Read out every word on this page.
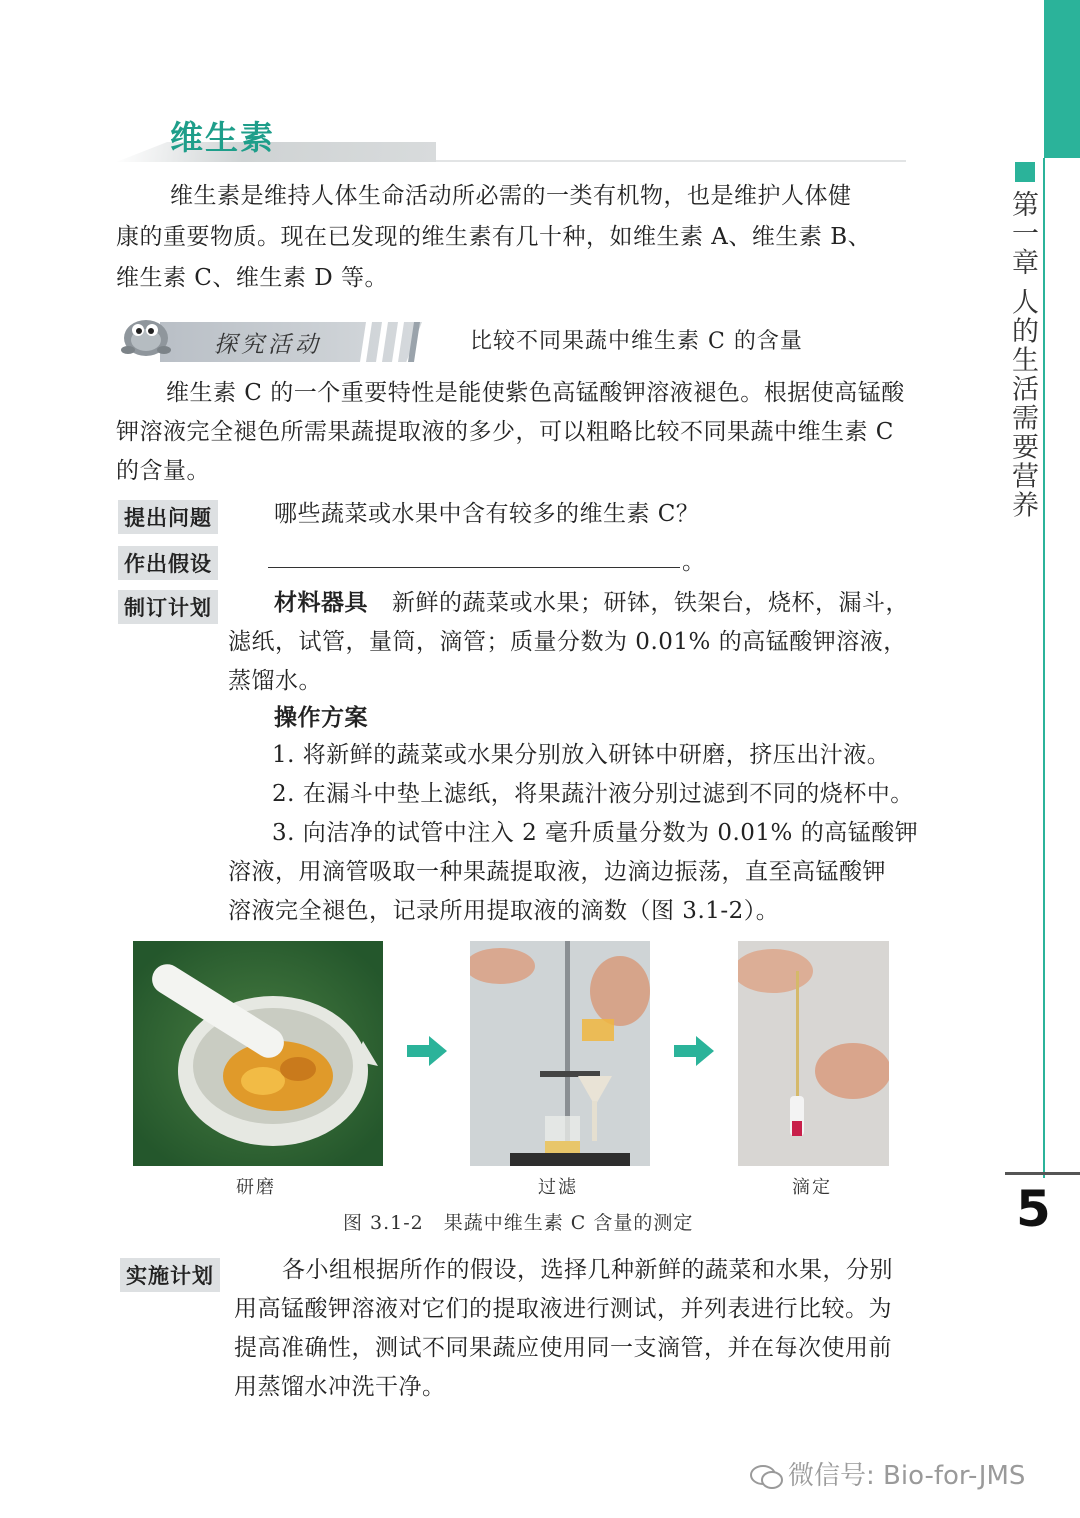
第一章 人的生活需要营养
5
维生素
维生素是维持人体生命活动所必需的一类有机物，也是维护人体健
康的重要物质。现在已发现的维生素有几十种，如维生素 A、维生素 B、
维生素 C、维生素 D 等。
探究活动	比较不同果蔬中维生素 C 的含量
维生素 C 的一个重要特性是能使紫色高锰酸钾溶液褪色。根据使高锰酸
钾溶液完全褪色所需果蔬提取液的多少，可以粗略比较不同果蔬中维生素 C
的含量。
提出问题	哪些蔬菜或水果中含有较多的维生素 C？
作出假设	。
制订计划	材料器具 新鲜的蔬菜或水果；研钵，铁架台，烧杯，漏斗，
滤纸，试管，量筒，滴管；质量分数为 0.01% 的高锰酸钾溶液，
蒸馏水。
操作方案
1. 将新鲜的蔬菜或水果分别放入研钵中研磨，挤压出汁液。
2. 在漏斗中垫上滤纸，将果蔬汁液分别过滤到不同的烧杯中。
3. 向洁净的试管中注入 2 毫升质量分数为 0.01% 的高锰酸钾
溶液，用滴管吸取一种果蔬提取液，边滴边振荡，直至高锰酸钾
溶液完全褪色，记录所用提取液的滴数（图 3.1-2）。
研磨	过滤	滴定
图 3.1-2　果蔬中维生素 C 含量的测定
实施计划	各小组根据所作的假设，选择几种新鲜的蔬菜和水果，分别
用高锰酸钾溶液对它们的提取液进行测试，并列表进行比较。为
提高准确性，测试不同果蔬应使用同一支滴管，并在每次使用前
用蒸馏水冲洗干净。
微信号: Bio-for-JMS
